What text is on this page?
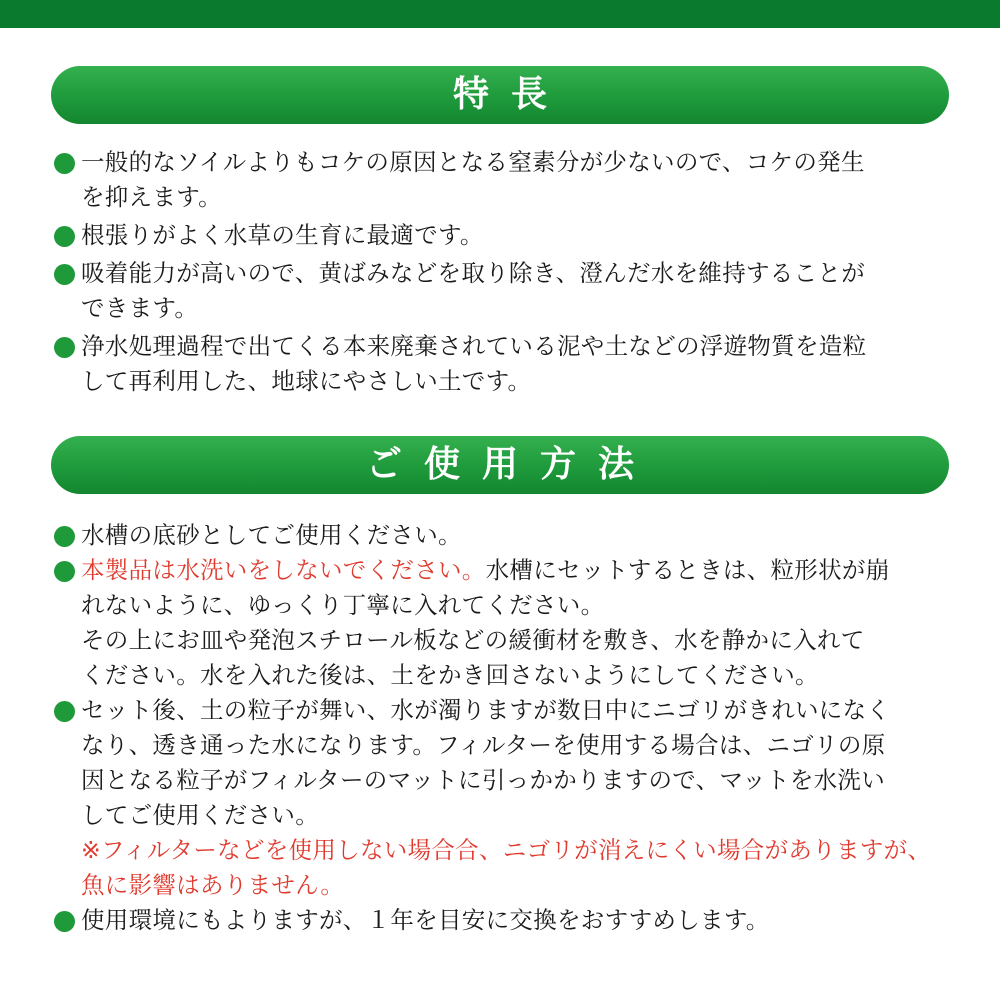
特長
一般的なソイルよりもコケの原因となる窒素分が少ないので、コケの発生
を抑えます。
根張りがよく水草の生育に最適です。
吸着能力が高いので、黄ばみなどを取り除き、澄んだ水を維持することが
できます。
浄水処理過程で出てくる本来廃棄されている泥や土などの浮遊物質を造粒
して再利用した、地球にやさしい土です。
ご使用方法
水槽の底砂としてご使用ください。
本製品は水洗いをしないでください。水槽にセットするときは、粒形状が崩
れないように、ゆっくり丁寧に入れてください。
その上にお皿や発泡スチロール板などの緩衝材を敷き、水を静かに入れて
ください。水を入れた後は、土をかき回さないようにしてください。
セット後、土の粒子が舞い、水が濁りますが数日中にニゴリがきれいになく
なり、透き通った水になります。フィルターを使用する場合は、ニゴリの原
因となる粒子がフィルターのマットに引っかかりますので、マットを水洗い
してご使用ください。
※フィルターなどを使用しない場合合、ニゴリが消えにくい場合がありますが、
魚に影響はありません。
使用環境にもよりますが、１年を目安に交換をおすすめします。
